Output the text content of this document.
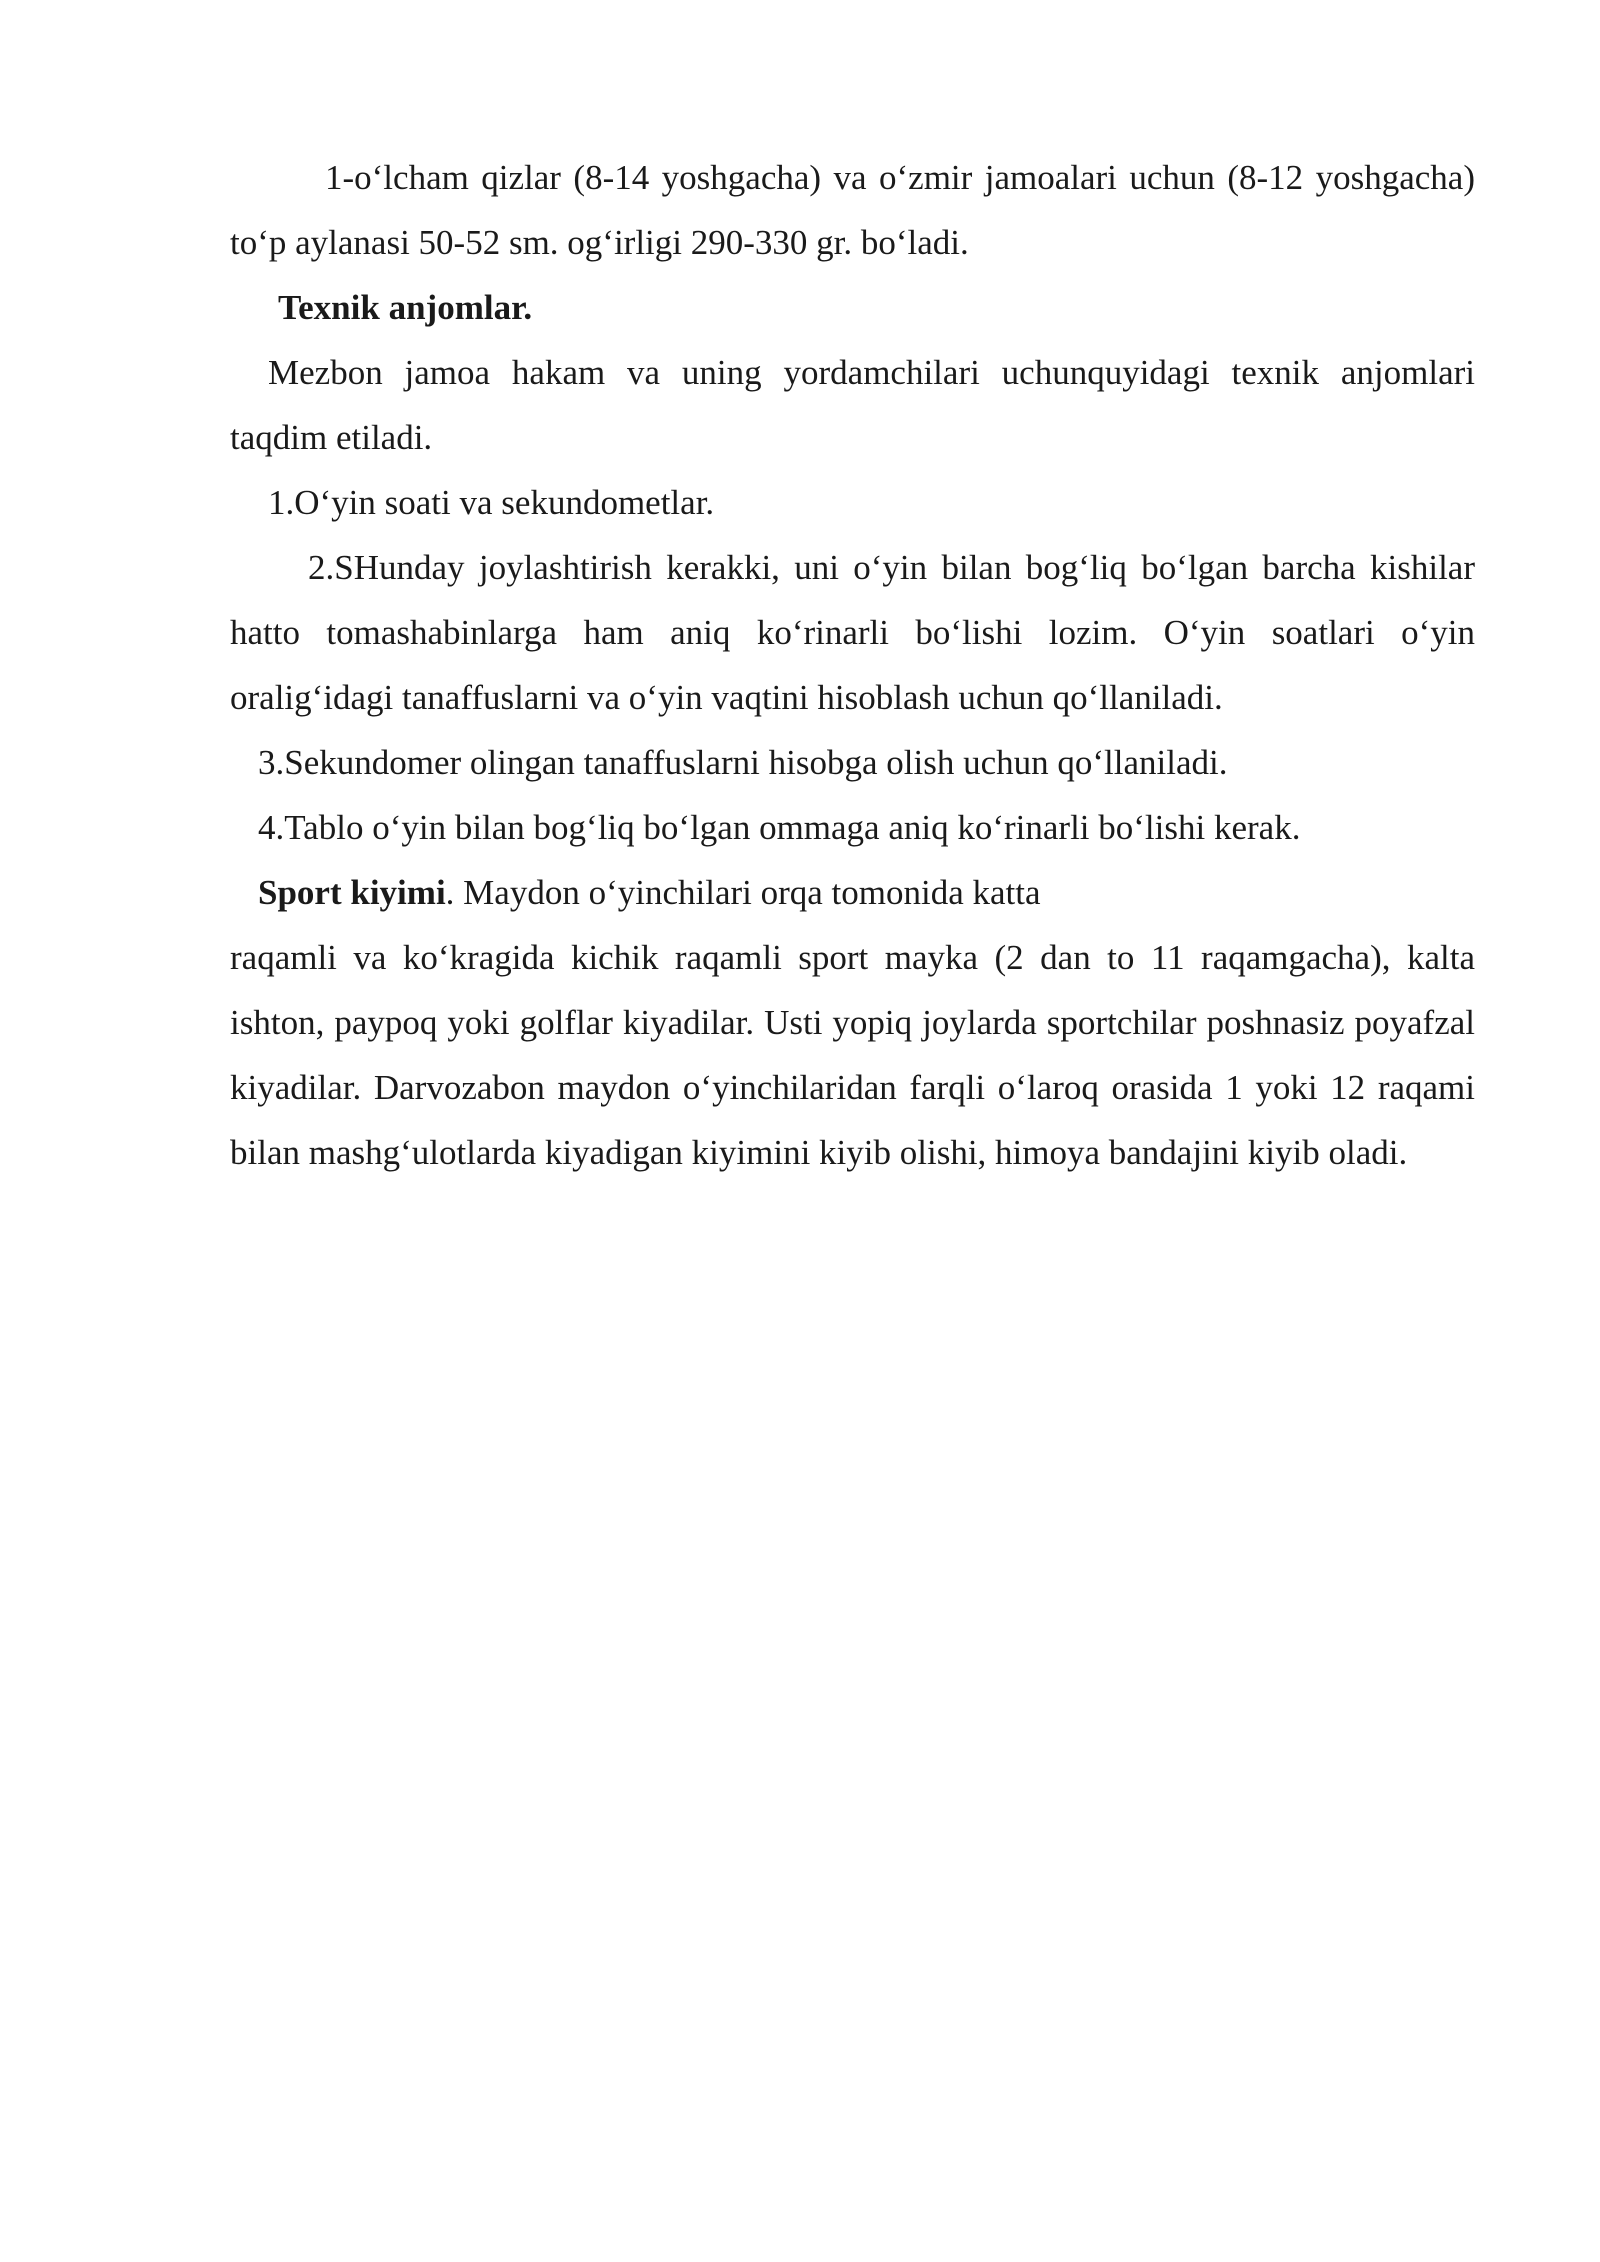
1-o‘lcham qizlar (8-14 yoshgacha) va o‘zmir jamoalari uchun (8-12 yoshgacha) to‘p aylanasi 50-52 sm. og‘irligi 290-330 gr. bo‘ladi.

Texnik anjomlar.

Mezbon jamoa hakam va uning yordamchilari uchunquyidagi texnik anjomlari taqdim etiladi.

1.O‘yin soati va sekundometlar.

2.SHunday joylashtirish kerakki, uni o‘yin bilan bog‘liq bo‘lgan barcha kishilar hatto tomashabinlarga ham aniq ko‘rinarli bo‘lishi lozim. O‘yin soatlari o‘yin oralig‘idagi tanaffuslarni va o‘yin vaqtini hisoblash uchun qo‘llaniladi.

3.Sekundomer olingan tanaffuslarni hisobga olish uchun qo‘llaniladi.

4.Tablo o‘yin bilan bog‘liq bo‘lgan ommaga aniq ko‘rinarli bo‘lishi kerak.

Sport kiyimi. Maydon o‘yinchilari orqa tomonida katta

raqamli va ko‘kragida kichik raqamli sport mayka (2 dan to 11 raqamgacha), kalta ishton, paypoq yoki golflar kiyadilar. Usti yopiq joylarda sportchilar poshnasiz poyafzal kiyadilar. Darvozabon maydon o‘yinchilaridan farqli o‘laroq orasida 1 yoki 12 raqami bilan mashg‘ulotlarda kiyadigan kiyimini kiyib olishi, himoya bandajini kiyib oladi.
